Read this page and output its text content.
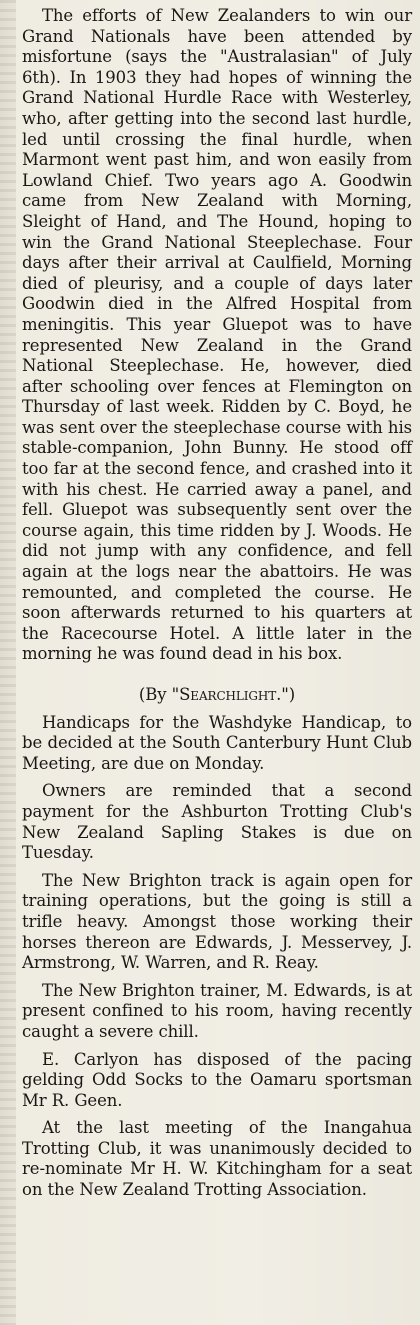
The efforts of New Zealanders to win our Grand Nationals have been attended by misfortune (says the "Australasian" of July 6th). In 1903 they had hopes of winning the Grand National Hurdle Race with Westerley, who, after getting into the second last hurdle, led until crossing the final hurdle, when Marmont went past him, and won easily from Lowland Chief. Two years ago A. Goodwin came from New Zealand with Morning, Sleight of Hand, and The Hound, hoping to win the Grand National Steeplechase. Four days after their arrival at Caulfield, Morning died of pleurisy, and a couple of days later Goodwin died in the Alfred Hospital from meningitis. This year Gluepot was to have represented New Zealand in the Grand National Steeplechase. He, however, died after schooling over fences at Flemington on Thursday of last week. Ridden by C. Boyd, he was sent over the steeplechase course with his stable-companion, John Bunny. He stood off too far at the second fence, and crashed into it with his chest. He carried away a panel, and fell. Gluepot was subsequently sent over the course again, this time ridden by J. Woods. He did not jump with any confidence, and fell again at the logs near the abattoirs. He was remounted, and completed the course. He soon afterwards returned to his quarters at the Racecourse Hotel. A little later in the morning he was found dead in his box.

(By "Searchlight.")

Handicaps for the Washdyke Handicap, to be decided at the South Canterbury Hunt Club Meeting, are due on Monday.

Owners are reminded that a second payment for the Ashburton Trotting Club's New Zealand Sapling Stakes is due on Tuesday.

The New Brighton track is again open for training operations, but the going is still a trifle heavy. Amongst those working their horses thereon are Edwards, J. Messervey, J. Armstrong, W. Warren, and R. Reay.

The New Brighton trainer, M. Edwards, is at present confined to his room, having recently caught a severe chill.

E. Carlyon has disposed of the pacing gelding Odd Socks to the Oamaru sportsman Mr R. Geen.

At the last meeting of the Inangahua Trotting Club, it was unanimously decided to re-nominate Mr H. W. Kitchingham for a seat on the New Zealand Trotting Association.
